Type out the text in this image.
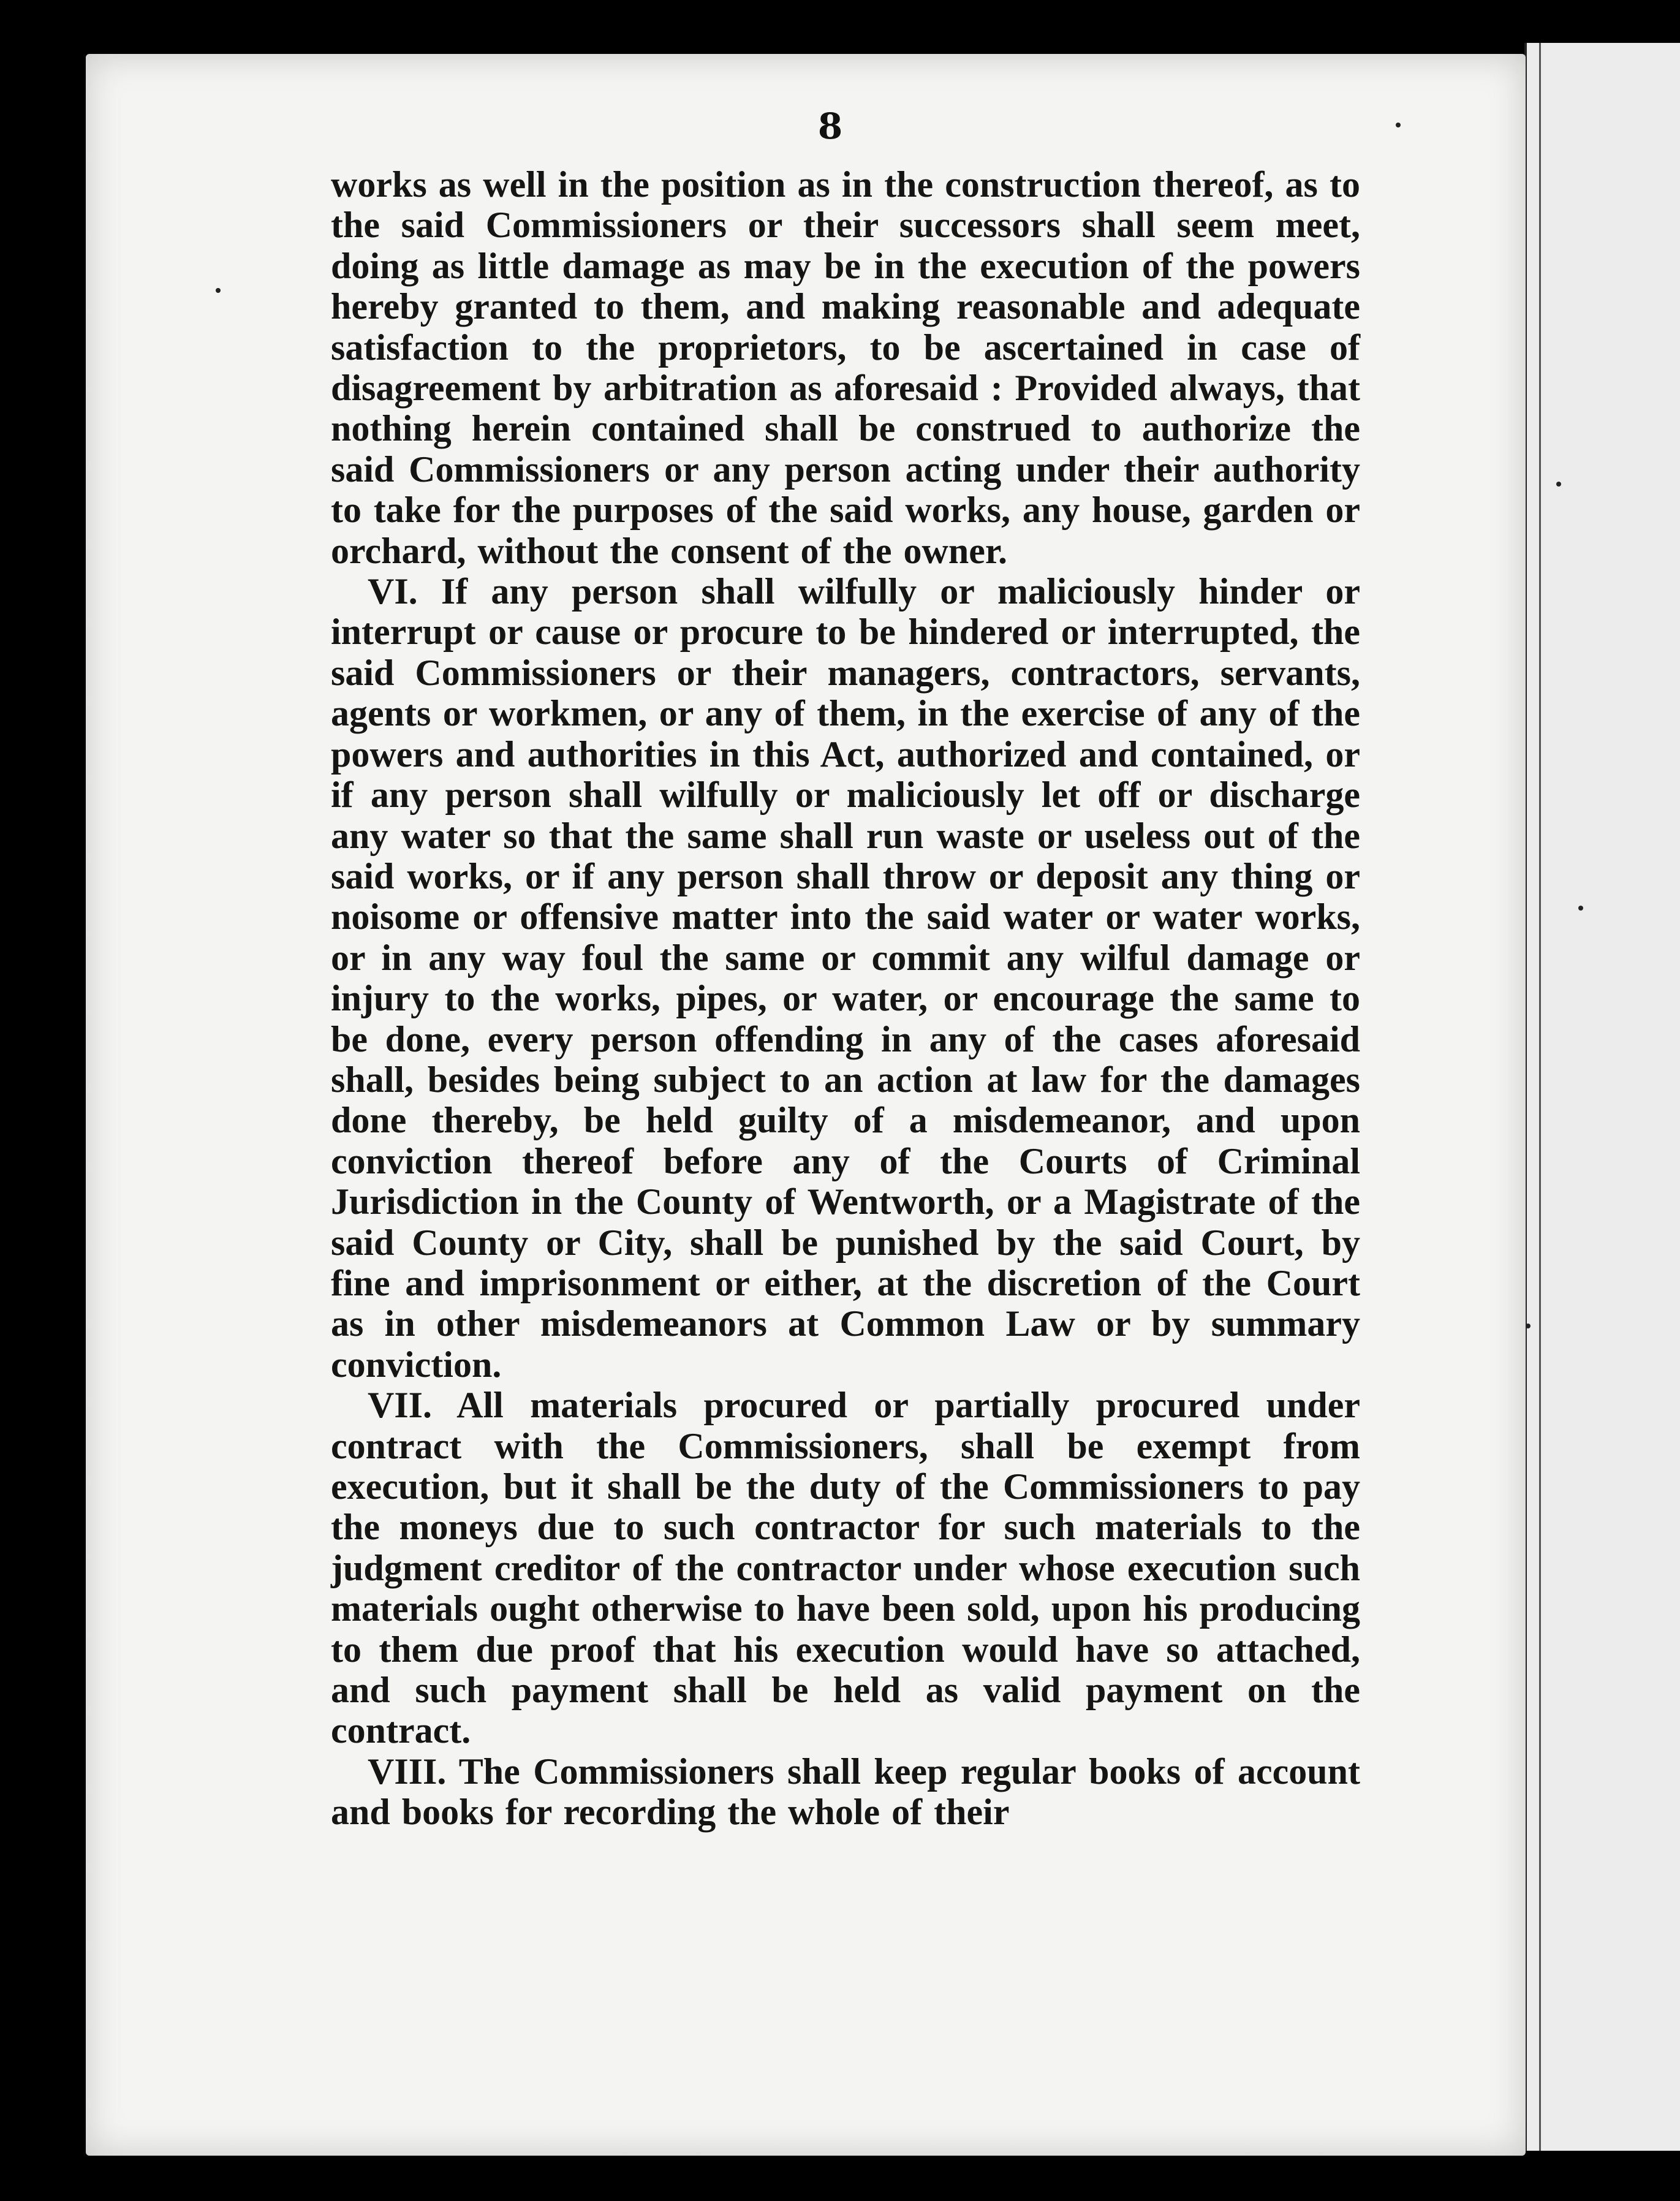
8

works as well in the position as in the construction thereof, as to the said Commissioners or their successors shall seem meet, doing as little damage as may be in the execution of the powers hereby granted to them, and making reasonable and adequate satisfaction to the proprietors, to be ascertained in case of disagreement by arbitration as aforesaid : Provided always, that nothing herein contained shall be construed to authorize the said Commissioners or any person acting under their authority to take for the purposes of the said works, any house, garden or orchard, without the consent of the owner.

VI. If any person shall wilfully or maliciously hinder or interrupt or cause or procure to be hindered or interrupted, the said Commissioners or their managers, contractors, servants, agents or workmen, or any of them, in the exercise of any of the powers and authorities in this Act, authorized and contained, or if any person shall wilfully or maliciously let off or discharge any water so that the same shall run waste or useless out of the said works, or if any person shall throw or deposit any thing or noisome or offensive matter into the said water or water works, or in any way foul the same or commit any wilful damage or injury to the works, pipes, or water, or encourage the same to be done, every person offending in any of the cases aforesaid shall, besides being subject to an action at law for the damages done thereby, be held guilty of a misdemeanor, and upon conviction thereof before any of the Courts of Criminal Jurisdiction in the County of Wentworth, or a Magistrate of the said County or City, shall be punished by the said Court, by fine and imprisonment or either, at the discretion of the Court as in other misdemeanors at Common Law or by summary conviction.

VII. All materials procured or partially procured under contract with the Commissioners, shall be exempt from execution, but it shall be the duty of the Commissioners to pay the moneys due to such contractor for such materials to the judgment creditor of the contractor under whose execution such materials ought otherwise to have been sold, upon his producing to them due proof that his execution would have so attached, and such payment shall be held as valid payment on the contract.

VIII. The Commissioners shall keep regular books of account and books for recording the whole of their
